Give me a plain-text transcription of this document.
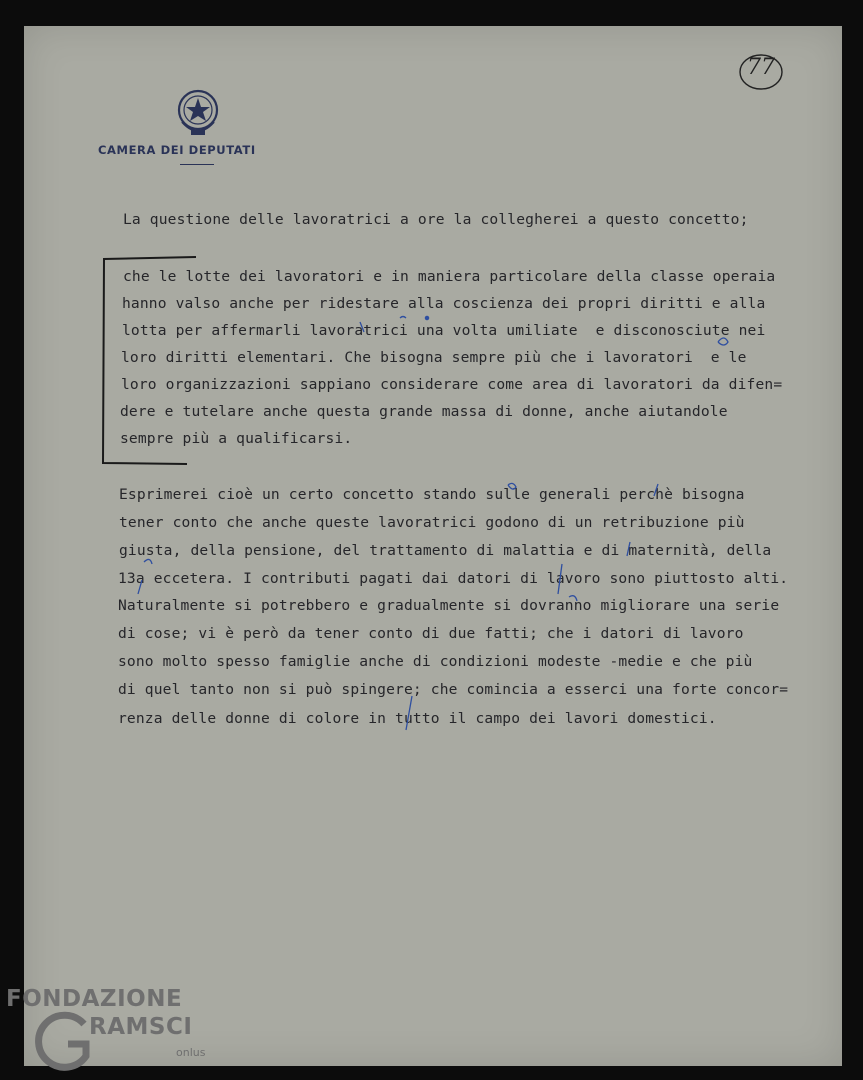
CAMERA DEI DEPUTATI
77
La questione delle lavoratrici a ore la collegherei a questo concetto;
che le lotte dei lavoratori e in maniera particolare della classe operaia
hanno valso anche per ridestare alla coscienza dei propri diritti e alla
lotta per affermarli lavoratrici una volta umiliate  e disconosciute nei
loro diritti elementari. Che bisogna sempre più che i lavoratori  e le
loro organizzazioni sappiano considerare come area di lavoratori da difen=
dere e tutelare anche questa grande massa di donne, anche aiutandole
sempre più a qualificarsi.
Esprimerei cioè un certo concetto stando sulle generali perchè bisogna
tener conto che anche queste lavoratrici godono di un retribuzione più
giusta, della pensione, del trattamento di malattia e di maternità, della
13a eccetera. I contributi pagati dai datori di lavoro sono piuttosto alti.
Naturalmente si potrebbero e gradualmente si dovranno migliorare una serie
di cose; vi è però da tener conto di due fatti; che i datori di lavoro
sono molto spesso famiglie anche di condizioni modeste -medie e che più
di quel tanto non si può spingere; che comincia a esserci una forte concor=
renza delle donne di colore in tutto il campo dei lavori domestici.
FONDAZIONE
RAMSCI
onlus
